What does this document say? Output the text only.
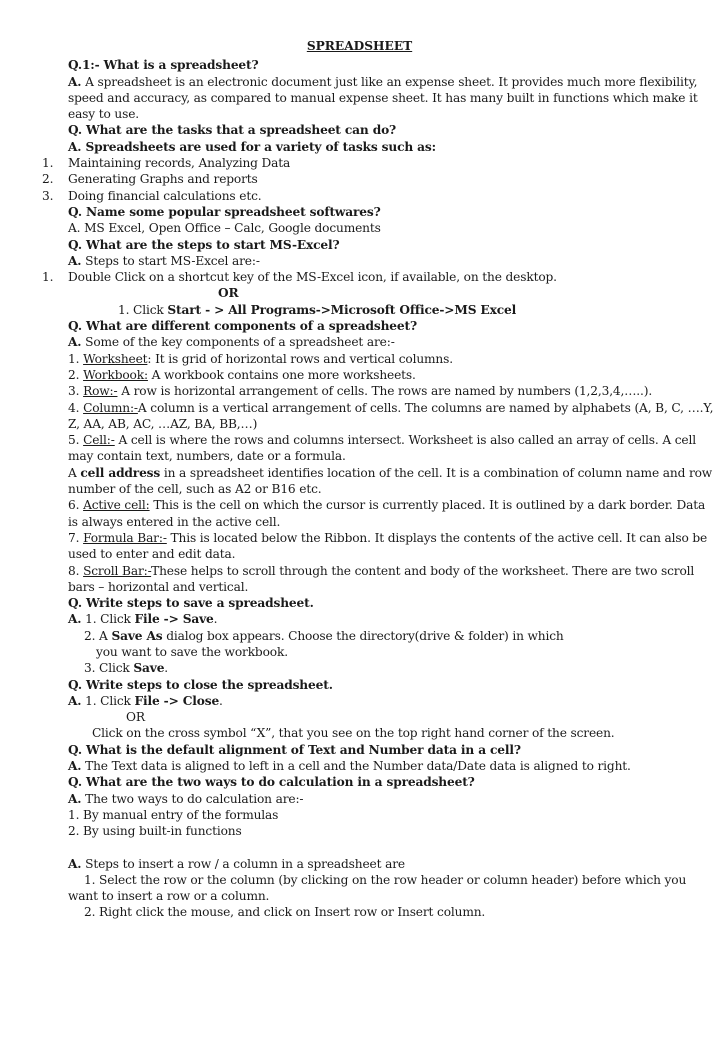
SPREADSHEET

Q.1:- What is a spreadsheet?

A. A spreadsheet is an electronic document just like an expense sheet. It provides much more flexibility,

speed and accuracy, as compared to manual expense sheet. It has many built in functions which make it

easy to use.

Q. What are the tasks that a spreadsheet can do?

A. Spreadsheets are used for a variety of tasks such as:

1. Maintaining records, Analyzing Data

2. Generating Graphs and reports

3. Doing financial calculations etc.

Q. Name some popular spreadsheet softwares?

A. MS Excel, Open Office – Calc, Google documents

Q. What are the steps to start MS-Excel?

A. Steps to start MS-Excel are:-

1. Double Click on a shortcut key of the MS-Excel icon, if available, on the desktop.

OR

1. Click Start - > All Programs->Microsoft Office->MS Excel

Q. What are different components of a spreadsheet?

A. Some of the key components of a spreadsheet are:-

1. Worksheet: It is grid of horizontal rows and vertical columns.

2. Workbook: A workbook contains one more worksheets.

3. Row:- A row is horizontal arrangement of cells. The rows are named by numbers (1,2,3,4,…..).

4. Column:-A column is a vertical arrangement of cells. The columns are named by alphabets (A, B, C, ….Y,

Z, AA, AB, AC, …AZ, BA, BB,…)

5. Cell:- A cell is where the rows and columns intersect. Worksheet is also called an array of cells. A cell

may contain text, numbers, date or a formula.

A cell address in a spreadsheet identifies location of the cell. It is a combination of column name and row

number of the cell, such as A2 or B16 etc.

6. Active cell: This is the cell on which the cursor is currently placed. It is outlined by a dark border. Data

is always entered in the active cell.

7. Formula Bar:- This is located below the Ribbon. It displays the contents of the active cell. It can also be

used to enter and edit data.

8. Scroll Bar:-These helps to scroll through the content and body of the worksheet. There are two scroll

bars – horizontal and vertical.

Q. Write steps to save a spreadsheet.

A. 1. Click File -> Save.

2. A Save As dialog box appears. Choose the directory(drive & folder) in which

you want to save the workbook.

3. Click Save.

Q. Write steps to close the spreadsheet.

A. 1. Click File -> Close.

OR

Click on the cross symbol “X”, that you see on the top right hand corner of the screen.

Q. What is the default alignment of Text and Number data in a cell?

A. The Text data is aligned to left in a cell and the Number data/Date data is aligned to right.

Q. What are the two ways to do calculation in a spreadsheet?

A. The two ways to do calculation are:-

1. By manual entry of the formulas

2. By using built-in functions

A. Steps to insert a row / a column in a spreadsheet are

1. Select the row or the column (by clicking on the row header or column header) before which you

want to insert a row or a column.

2. Right click the mouse, and click on Insert row or Insert column.
